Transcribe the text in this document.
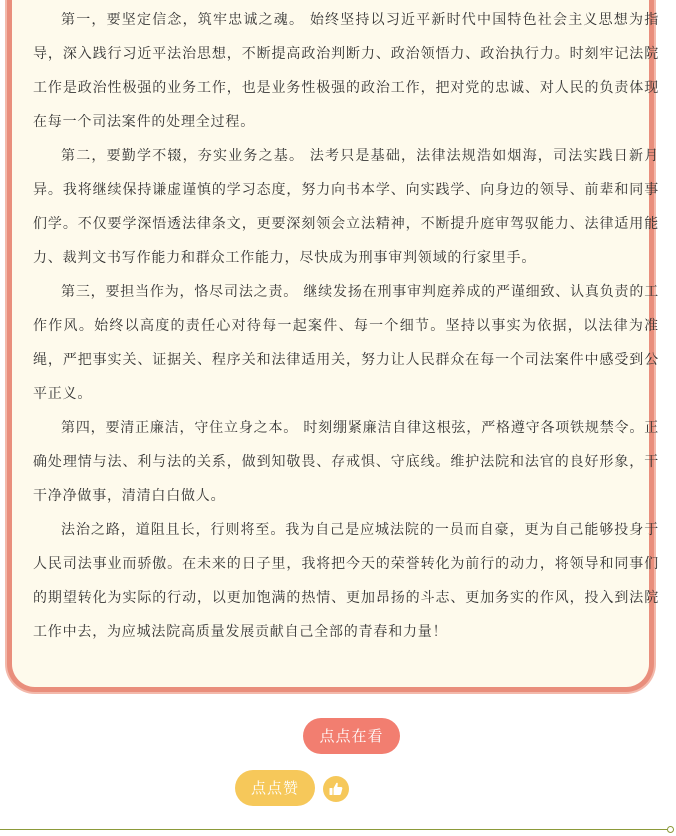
第一，要坚定信念，筑牢忠诚之魂。 始终坚持以习近平新时代中国特色社会主义思想为指导，深入践行习近平法治思想，不断提高政治判断力、政治领悟力、政治执行力。时刻牢记法院工作是政治性极强的业务工作，也是业务性极强的政治工作，把对党的忠诚、对人民的负责体现在每一个司法案件的处理全过程。

第二，要勤学不辍，夯实业务之基。 法考只是基础，法律法规浩如烟海，司法实践日新月异。我将继续保持谦虚谨慎的学习态度，努力向书本学、向实践学、向身边的领导、前辈和同事们学。不仅要学深悟透法律条文，更要深刻领会立法精神，不断提升庭审驾驭能力、法律适用能力、裁判文书写作能力和群众工作能力，尽快成为刑事审判领域的行家里手。

第三，要担当作为，恪尽司法之责。 继续发扬在刑事审判庭养成的严谨细致、认真负责的工作作风。始终以高度的责任心对待每一起案件、每一个细节。坚持以事实为依据，以法律为准绳，严把事实关、证据关、程序关和法律适用关，努力让人民群众在每一个司法案件中感受到公平正义。

第四，要清正廉洁，守住立身之本。 时刻绷紧廉洁自律这根弦，严格遵守各项铁规禁令。正确处理情与法、利与法的关系，做到知敬畏、存戒惧、守底线。维护法院和法官的良好形象，干干净净做事，清清白白做人。

法治之路，道阻且长，行则将至。我为自己是应城法院的一员而自豪，更为自己能够投身于人民司法事业而骄傲。在未来的日子里，我将把今天的荣誉转化为前行的动力，将领导和同事们的期望转化为实际的行动，以更加饱满的热情、更加昂扬的斗志、更加务实的作风，投入到法院工作中去，为应城法院高质量发展贡献自己全部的青春和力量！

点点在看
点点赞
